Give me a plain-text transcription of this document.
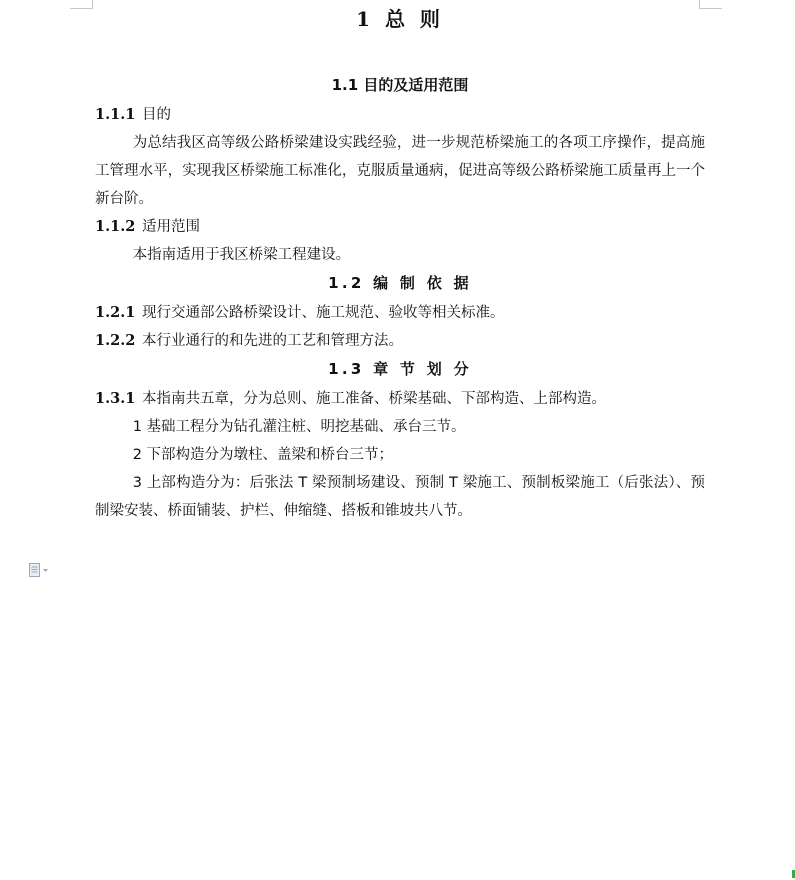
1 总 则
1.1 目的及适用范围
1.1.1 目的
为总结我区高等级公路桥梁建设实践经验，进一步规范桥梁施工的各项工序操作，提高施工管理水平，实现我区桥梁施工标准化，克服质量通病，促进高等级公路桥梁施工质量再上一个新台阶。
1.1.2 适用范围
本指南适用于我区桥梁工程建设。
1.2 编 制 依 据
1.2.1 现行交通部公路桥梁设计、施工规范、验收等相关标准。
1.2.2 本行业通行的和先进的工艺和管理方法。
1.3 章 节 划 分
1.3.1 本指南共五章，分为总则、施工准备、桥梁基础、下部构造、上部构造。
1 基础工程分为钻孔灌注桩、明挖基础、承台三节。
2 下部构造分为墩柱、盖梁和桥台三节；
3 上部构造分为：后张法 T 梁预制场建设、预制 T 梁施工、预制板梁施工（后张法）、预制梁安装、桥面铺装、护栏、伸缩缝、搭板和锥坡共八节。
